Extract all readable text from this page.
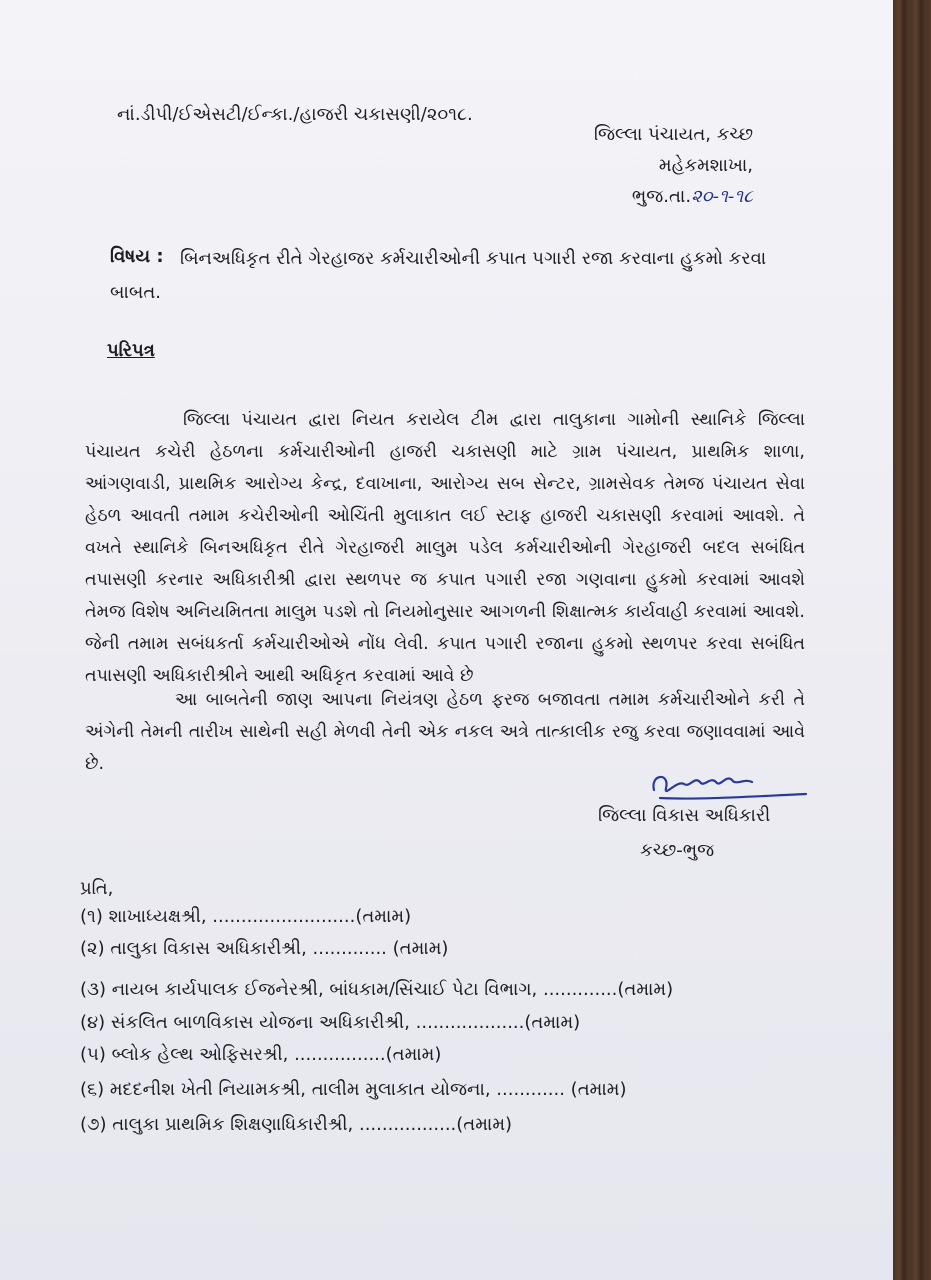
નાં.ડીપી/ઈએસટી/ઈન્કા./હાજરી ચકાસણી/૨૦૧૮.
જિલ્લા પંચાયત, કચ્છ
મહેકમશાખા,
ભુજ.તા.૨૦-૧-૧૮
વિષય : બિનઅધિકૃત રીતે ગેરહાજર કર્મચારીઓની કપાત પગારી રજા કરવાના હુકમો કરવા
બાબત.
પરિપત્ર
જિલ્લા પંચાયત દ્વારા નિયત કરાયેલ ટીમ દ્વારા તાલુકાના ગામોની સ્થાનિકે જિલ્લા પંચાયત કચેરી હેઠળના કર્મચારીઓની હાજરી ચકાસણી માટે ગ્રામ પંચાયત, પ્રાથમિક શાળા, આંગણવાડી, પ્રાથમિક આરોગ્ય કેન્દ્ર, દવાખાના, આરોગ્ય સબ સેન્ટર, ગ્રામસેવક તેમજ પંચાયત સેવા હેઠળ આવતી તમામ કચેરીઓની ઓચિંતી મુલાકાત લઈ સ્ટાફ હાજરી ચકાસણી કરવામાં આવશે. તે વખતે સ્થાનિકે બિનઅધિકૃત રીતે ગેરહાજરી માલુમ પડેલ કર્મચારીઓની ગેરહાજરી બદલ સબંધિત તપાસણી કરનાર અધિકારીશ્રી દ્વારા સ્થળપર જ કપાત પગારી રજા ગણવાના હુકમો કરવામાં આવશે તેમજ વિશેષ અનિયમિતતા માલુમ પડશે તો નિયમોનુસાર આગળની શિક્ષાત્મક કાર્યવાહી કરવામાં આવશે. જેની તમામ સબંધકર્તા કર્મચારીઓએ નોંધ લેવી. કપાત પગારી રજાના હુકમો સ્થળપર કરવા સબંધિત તપાસણી અધિકારીશ્રીને આથી અધિકૃત કરવામાં આવે છે
આ બાબતેની જાણ આપના નિયંત્રણ હેઠળ ફરજ બજાવતા તમામ કર્મચારીઓને કરી તે અંગેની તેમની તારીખ સાથેની સહી મેળવી તેની એક નકલ અત્રે તાત્કાલીક રજુ કરવા જણાવવામાં આવે છે.
જિલ્લા વિકાસ અધિકારી
કચ્છ-ભુજ
પ્રતિ,
(૧) શાખાધ્યક્ષશ્રી, .........................(તમામ)
(૨) તાલુકા વિકાસ અધિકારીશ્રી, ............. (તમામ)
(૩) નાયબ કાર્યપાલક ઈજનેરશ્રી, બાંધકામ/સિંચાઈ પેટા વિભાગ, .............(તમામ)
(૪) સંકલિત બાળવિકાસ યોજના અધિકારીશ્રી, ...................(તમામ)
(૫) બ્લોક હેલ્થ ઓફિસરશ્રી, ................(તમામ)
(૬) મદદનીશ ખેતી નિયામકશ્રી, તાલીમ મુલાકાત યોજના, ............ (તમામ)
(૭) તાલુકા પ્રાથમિક શિક્ષણાધિકારીશ્રી, .................(તમામ)
